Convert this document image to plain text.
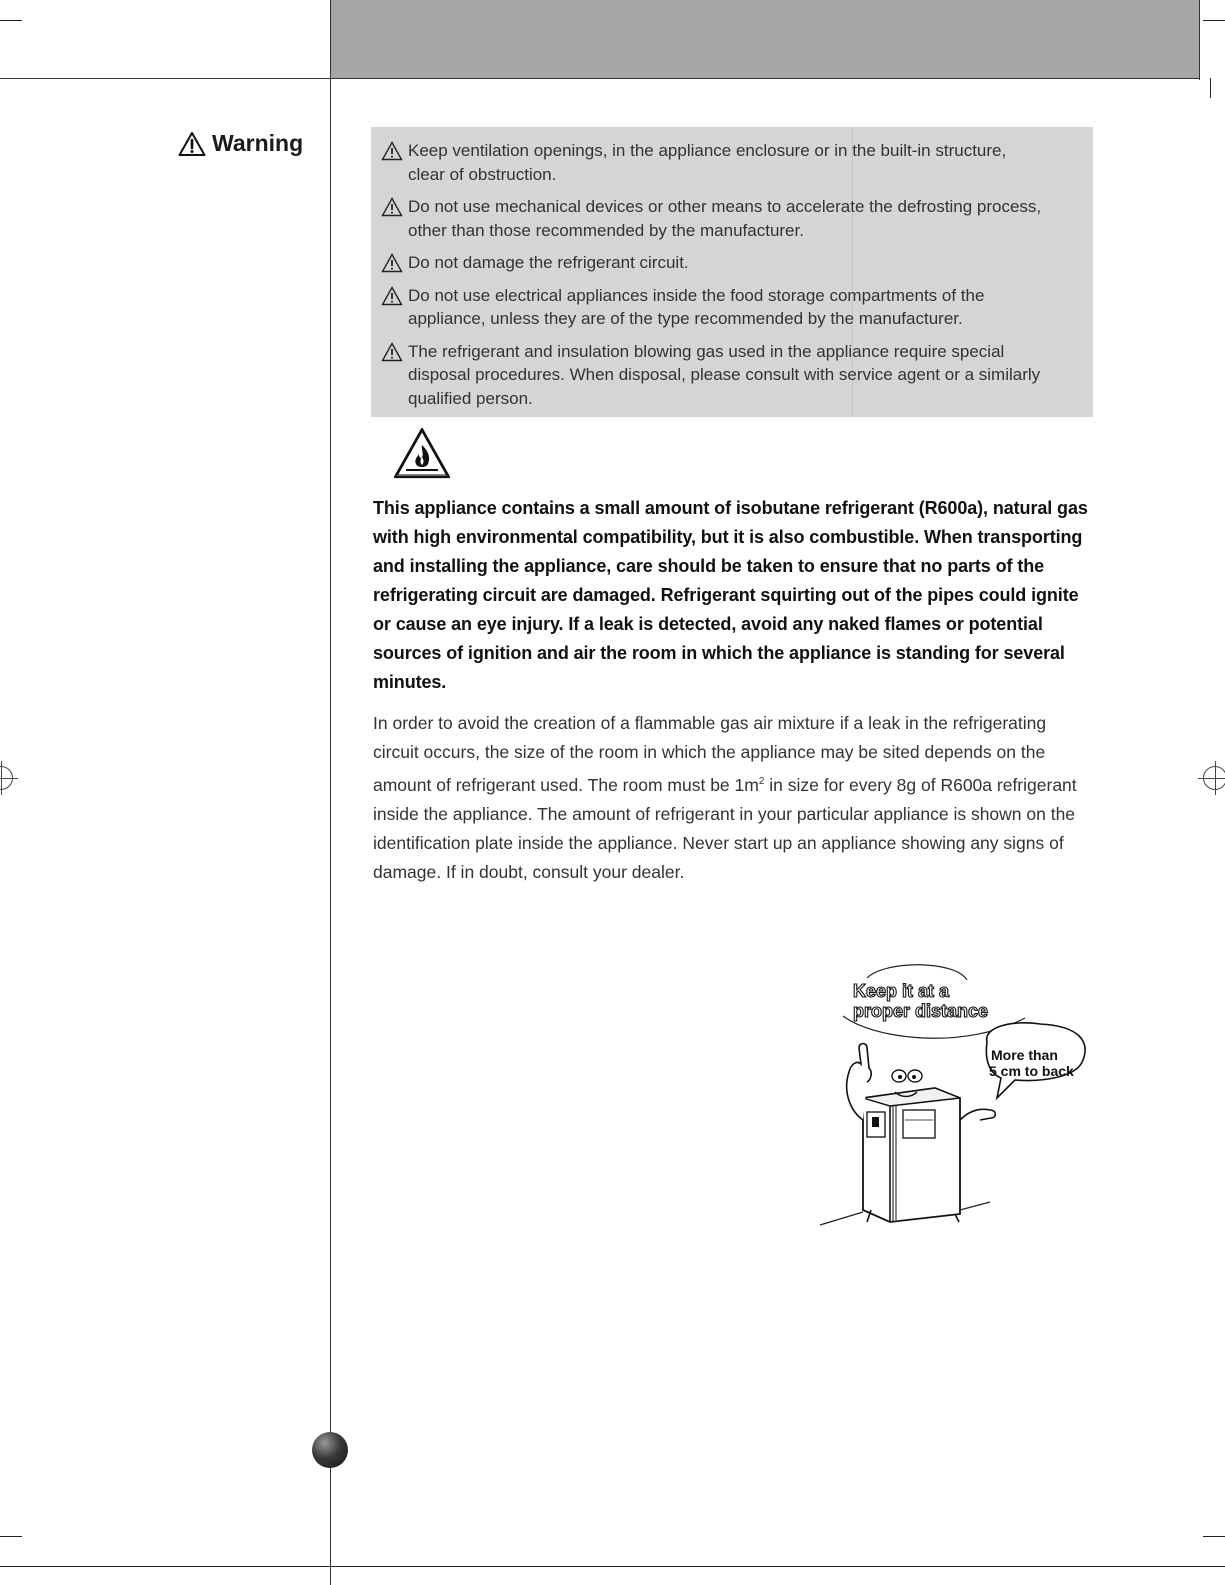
Warning	Keep ventilation openings, in the appliance enclosure or in the built-in structure,
clear of obstruction.
Do not use mechanical devices or other means to accelerate the defrosting process,
other than those recommended by the manufacturer.
Do not damage the refrigerant circuit.
Do not use electrical appliances inside the food storage compartments of the
appliance, unless they are of the type recommended by the manufacturer.
The refrigerant and insulation blowing gas used in the appliance require special
disposal procedures. When disposal, please consult with service agent or a similarly
qualified person.

This appliance contains a small amount of isobutane refrigerant (R600a), natural gas with high environmental compatibility, but it is also combustible. When transporting and installing the appliance, care should be taken to ensure that no parts of the refrigerating circuit are damaged. Refrigerant squirting out of the pipes could ignite or cause an eye injury. If a leak is detected, avoid any naked flames or potential sources of ignition and air the room in which the appliance is standing for several minutes.

In order to avoid the creation of a flammable gas air mixture if a leak in the refrigerating circuit occurs, the size of the room in which the appliance may be sited depends on the amount of refrigerant used. The room must be $1m^2$ in size for every 8g of R600a refrigerant inside the appliance. The amount of refrigerant in your particular appliance is shown on the identification plate inside the appliance. Never start up an appliance showing any signs of damage. If in doubt, consult your dealer.

Keep it at a
proper distance
More than
5 cm to back
